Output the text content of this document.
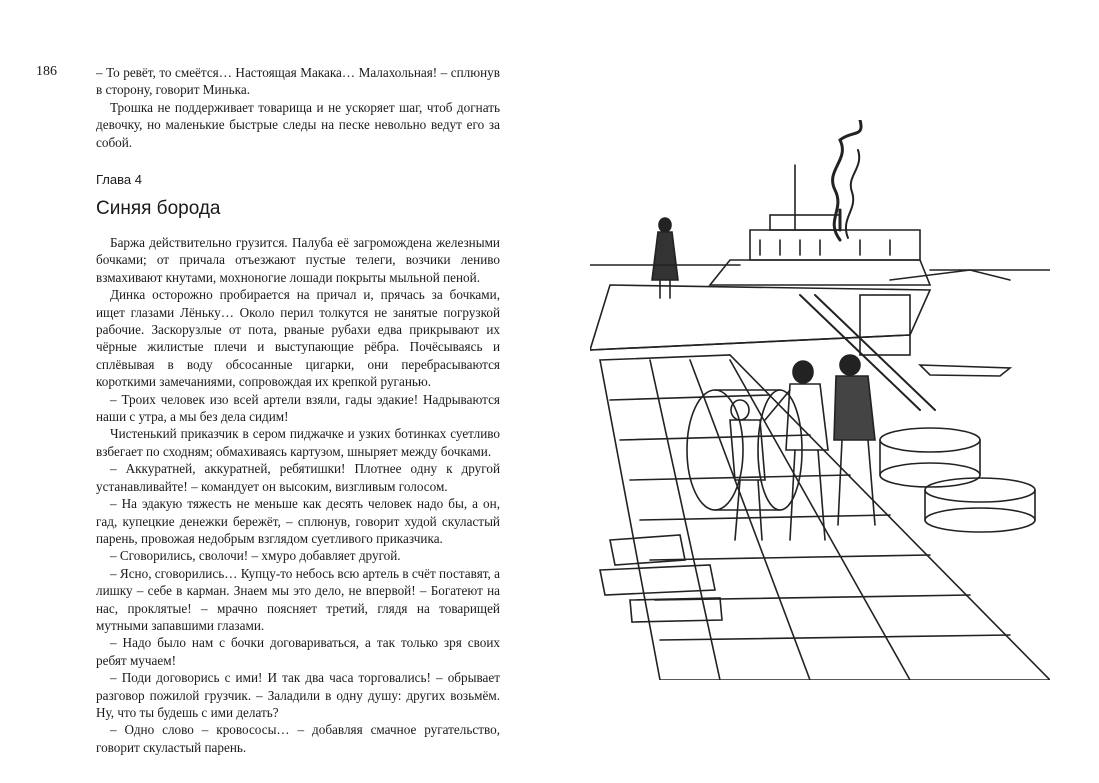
186	– То ревёт, то смеётся… Настоящая Макака… Малахольная! – сплюнув в сторону, говорит Минька.

Трошка не поддерживает товарища и не ускоряет шаг, чтоб догнать девочку, но маленькие быстрые следы на песке невольно ведут его за собой.

Глава 4
Синяя борода

Баржа действительно грузится. Палуба её загромождена железными бочками; от причала отъезжают пустые телеги, возчики лениво взмахивают кнутами, мохноногие лошади покрыты мыльной пеной.

Динка осторожно пробирается на причал и, прячась за бочками, ищет глазами Лёньку… Около перил толкутся не занятые погрузкой рабочие. Заскорузлые от пота, рваные рубахи едва прикрывают их чёрные жилистые плечи и выступающие рёбра. Почёсываясь и сплёвывая в воду обсосанные цигарки, они перебрасываются короткими замечаниями, сопровождая их крепкой руганью.

– Троих человек изо всей артели взяли, гады эдакие! Надрываются наши с утра, а мы без дела сидим!

Чистенький приказчик в сером пиджачке и узких ботинках суетливо взбегает по сходням; обмахиваясь картузом, шныряет между бочками.

– Аккуратней, аккуратней, ребятишки! Плотнее одну к другой устанавливайте! – командует он высоким, визгливым голосом.

– На эдакую тяжесть не меньше как десять человек надо бы, а он, гад, купецкие денежки бережёт, – сплюнув, говорит худой скуластый парень, провожая недобрым взглядом суетливого приказчика.

– Сговорились, сволочи! – хмуро добавляет другой.

– Ясно, сговорились… Купцу-то небось всю артель в счёт поставят, а лишку – себе в карман. Знаем мы это дело, не впервой! – Богатеют на нас, проклятые! – мрачно поясняет третий, глядя на товарищей мутными запавшими глазами.

– Надо было нам с бочки договариваться, а так только зря своих ребят мучаем!

– Поди договорись с ими! И так два часа торговались! – обрывает разговор пожилой грузчик. – Заладили в одну душу: других возьмём. Ну, что ты будешь с ими делать?

– Одно слово – кровососы… – добавляя смачное ругательство, говорит скуластый парень.
